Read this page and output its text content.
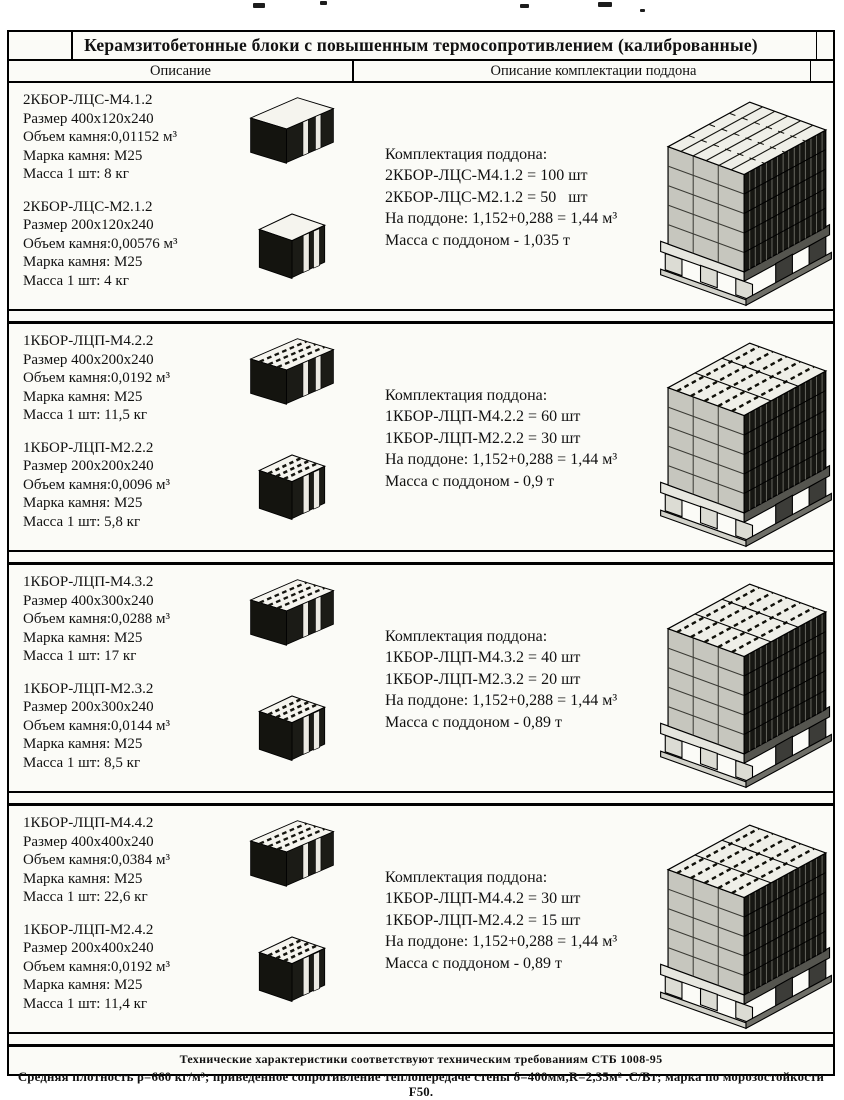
Керамзитобетонные блоки с повышенным термосопротивлением (калиброванные)
Описание	Описание комплектации поддона
2КБОР-ЛЦС-М4.1.2
Размер 400х120х240
Объем камня:0,01152 м³
Марка камня: М25
Масса 1 шт: 8 кг
2КБОР-ЛЦС-М2.1.2
Размер 200х120х240
Объем камня:0,00576 м³
Марка камня: М25
Масса 1 шт: 4 кг
Комплектация поддона:
2КБОР-ЛЦС-М4.1.2 = 100 шт
2КБОР-ЛЦС-М2.1.2 = 50   шт
На поддоне: 1,152+0,288 = 1,44 м³
Масса с поддоном - 1,035 т
1КБОР-ЛЦП-М4.2.2
Размер 400х200х240
Объем камня:0,0192 м³
Марка камня: М25
Масса 1 шт: 11,5 кг
1КБОР-ЛЦП-М2.2.2
Размер 200х200х240
Объем камня:0,0096 м³
Марка камня: М25
Масса 1 шт: 5,8 кг
Комплектация поддона:
1КБОР-ЛЦП-М4.2.2 = 60 шт
1КБОР-ЛЦП-М2.2.2 = 30 шт
На поддоне: 1,152+0,288 = 1,44 м³
Масса с поддоном - 0,9 т
1КБОР-ЛЦП-М4.3.2
Размер 400х300х240
Объем камня:0,0288 м³
Марка камня: М25
Масса 1 шт: 17 кг
1КБОР-ЛЦП-М2.3.2
Размер 200х300х240
Объем камня:0,0144 м³
Марка камня: М25
Масса 1 шт: 8,5 кг
Комплектация поддона:
1КБОР-ЛЦП-М4.3.2 = 40 шт
1КБОР-ЛЦП-М2.3.2 = 20 шт
На поддоне: 1,152+0,288 = 1,44 м³
Масса с поддоном - 0,89 т
1КБОР-ЛЦП-М4.4.2
Размер 400х400х240
Объем камня:0,0384 м³
Марка камня: М25
Масса 1 шт: 22,6 кг
1КБОР-ЛЦП-М2.4.2
Размер 200х400х240
Объем камня:0,0192 м³
Марка камня: М25
Масса 1 шт: 11,4 кг
Комплектация поддона:
1КБОР-ЛЦП-М4.4.2 = 30 шт
1КБОР-ЛЦП-М2.4.2 = 15 шт
На поддоне: 1,152+0,288 = 1,44 м³
Масса с поддоном - 0,89 т
Технические характеристики соответствуют техническим требованиям СТБ 1008-95
Средняя плотность ρ=660 кг/м³; приведенное сопротивление теплопередаче стены δ=400мм,R=2,35м² .С/Вт; марка по морозостойкости F50.
